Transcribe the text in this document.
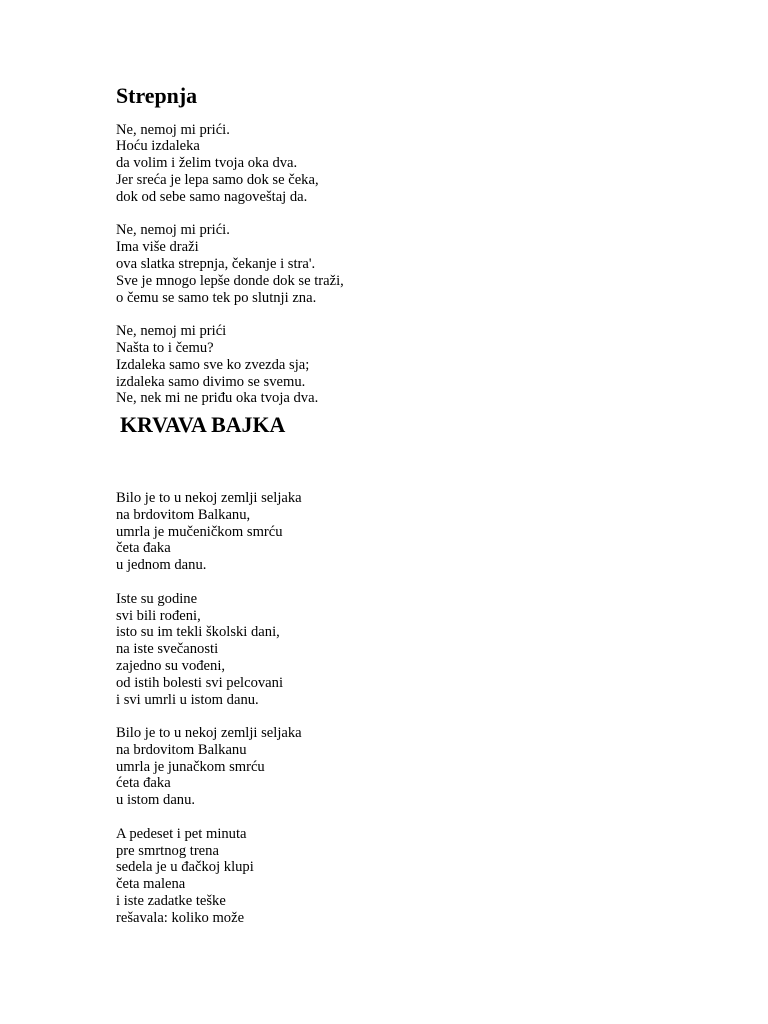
Strepnja
Ne, nemoj mi prići.
Hoću izdaleka
da volim i želim tvoja oka dva.
Jer sreća je lepa samo dok se čeka,
dok od sebe samo nagoveštaj da.
Ne, nemoj mi prići.
Ima više draži
ova slatka strepnja, čekanje i stra'.
Sve je mnogo lepše donde dok se traži,
o čemu se samo tek po slutnji zna.
Ne, nemoj mi prići
Našta to i čemu?
Izdaleka samo sve ko zvezda sja;
izdaleka samo divimo se svemu.
Ne, nek mi ne priđu oka tvoja dva.
KRVAVA BAJKA
Bilo je to u nekoj zemlji seljaka
na brdovitom Balkanu,
umrla je mučeničkom smrću
četa đaka
u jednom danu.
Iste su godine
svi bili rođeni,
isto su im tekli školski dani,
na iste svečanosti
zajedno su vođeni,
od istih bolesti svi pelcovani
i svi umrli u istom danu.
Bilo je to u nekoj zemlji seljaka
na brdovitom Balkanu
umrla je junačkom smrću
ćeta đaka
u istom danu.
A pedeset i pet minuta
pre smrtnog trena
sedela je u đačkoj klupi
četa malena
i iste zadatke teške
rešavala: koliko može
